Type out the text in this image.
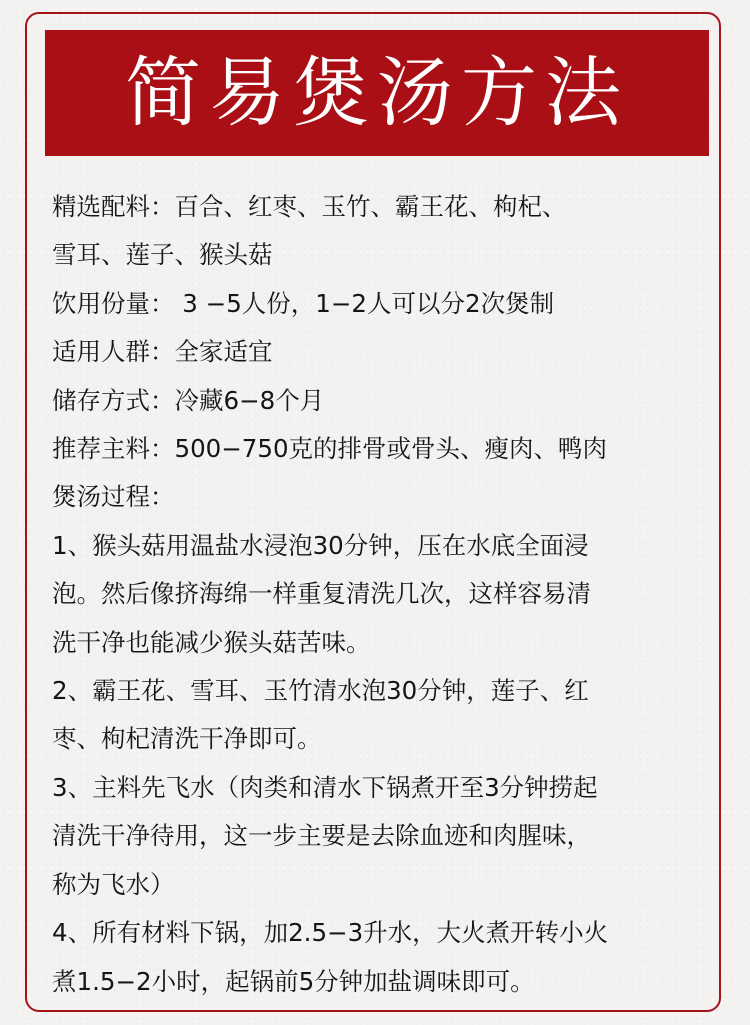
简易煲汤方法

精选配料：百合、红枣、玉竹、霸王花、枸杞、

雪耳、莲子、猴头菇

饮用份量： 3 −5人份，1−2人可以分2次煲制

适用人群：全家适宜

储存方式：冷藏6−8个月

推荐主料：500−750克的排骨或骨头、瘦肉、鸭肉

煲汤过程：

1、猴头菇用温盐水浸泡30分钟，压在水底全面浸

泡。然后像挤海绵一样重复清洗几次，这样容易清

洗干净也能减少猴头菇苦味。

2、霸王花、雪耳、玉竹清水泡30分钟，莲子、红

枣、枸杞清洗干净即可。

3、主料先飞水（肉类和清水下锅煮开至3分钟捞起

清洗干净待用，这一步主要是去除血迹和肉腥味，

称为飞水）

4、所有材料下锅，加2.5−3升水，大火煮开转小火

煮1.5−2小时，起锅前5分钟加盐调味即可。
